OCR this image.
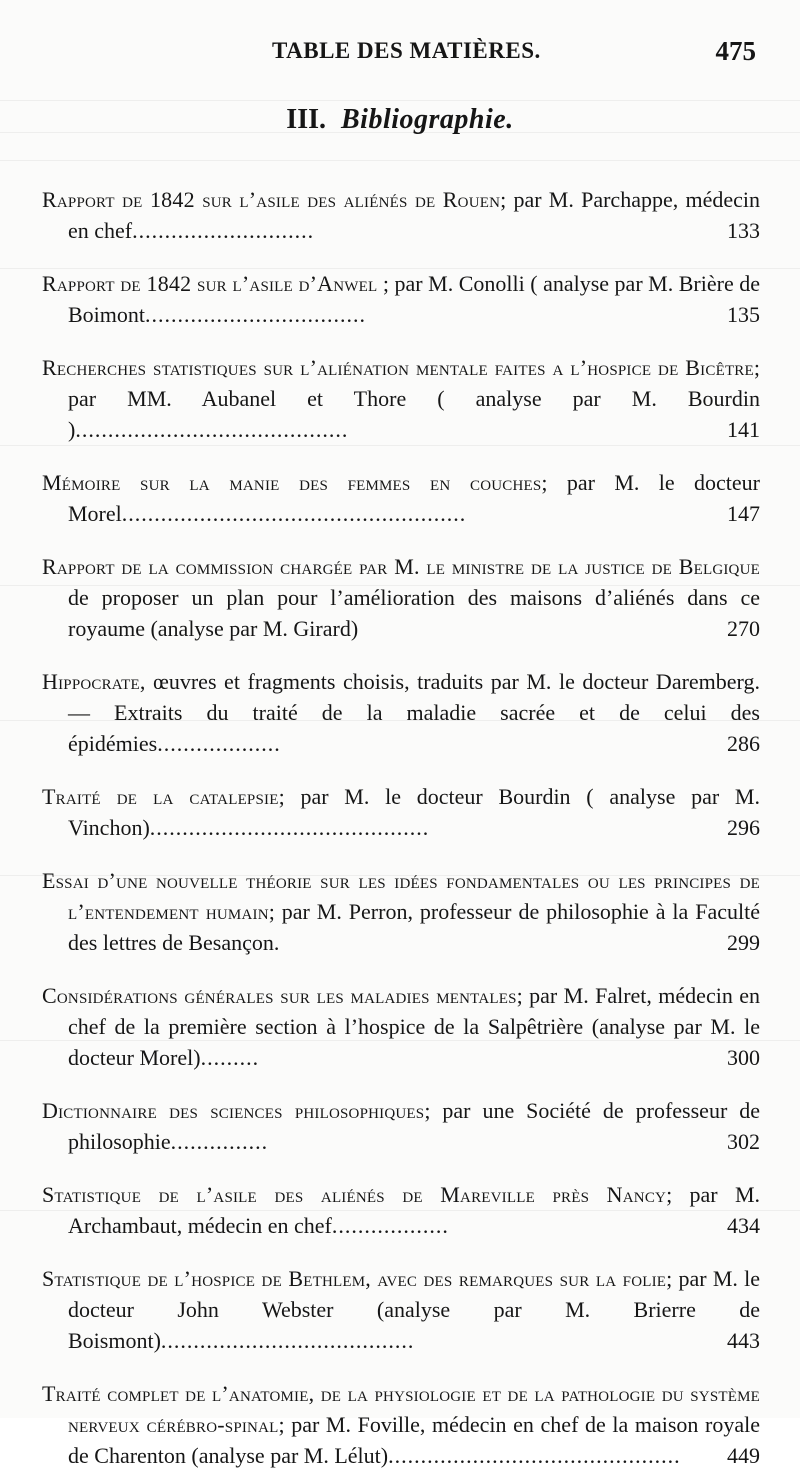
TABLE DES MATIÈRES.	475
III. Bibliographie.

Rapport de 1842 sur l’asile des aliénés de Rouen; par M. Parchappe, médecin en chef............................	133

Rapport de 1842 sur l’asile d’Anwel ; par M. Conolli ( analyse par M. Brière de Boimont..................................	135

Recherches statistiques sur l’aliénation mentale faites a l’hospice de Bicêtre; par MM. Aubanel et Thore ( analyse par M. Bourdin )..........................................	141

Mémoire sur la manie des femmes en couches; par M. le docteur Morel.....................................................	147

Rapport de la commission chargée par M. le ministre de la justice de Belgique de proposer un plan pour l’amélioration des maisons d’aliénés dans ce royaume (analyse par M. Girard)	270

Hippocrate, œuvres et fragments choisis, traduits par M. le docteur Daremberg. — Extraits du traité de la maladie sacrée et de celui des épidémies...................	286

Traité de la catalepsie; par M. le docteur Bourdin ( analyse par M. Vinchon)...........................................	296

Essai d’une nouvelle théorie sur les idées fondamentales ou les principes de l’entendement humain; par M. Perron, professeur de philosophie à la Faculté des lettres de Besançon.	299

Considérations générales sur les maladies mentales; par M. Falret, médecin en chef de la première section à l’hospice de la Salpêtrière (analyse par M. le docteur Morel).........	300

Dictionnaire des sciences philosophiques; par une Société de professeur de philosophie...............	302

Statistique de l’asile des aliénés de Mareville près Nancy; par M. Archambaut, médecin en chef..................	434

Statistique de l’hospice de Bethlem, avec des remarques sur la folie; par M. le docteur John Webster (analyse par M. Brierre de Boismont).......................................	443

Traité complet de l’anatomie, de la physiologie et de la pathologie du système nerveux cérébro-spinal; par M. Foville, médecin en chef de la maison royale de Charenton (analyse par M. Lélut)............................................. 449
